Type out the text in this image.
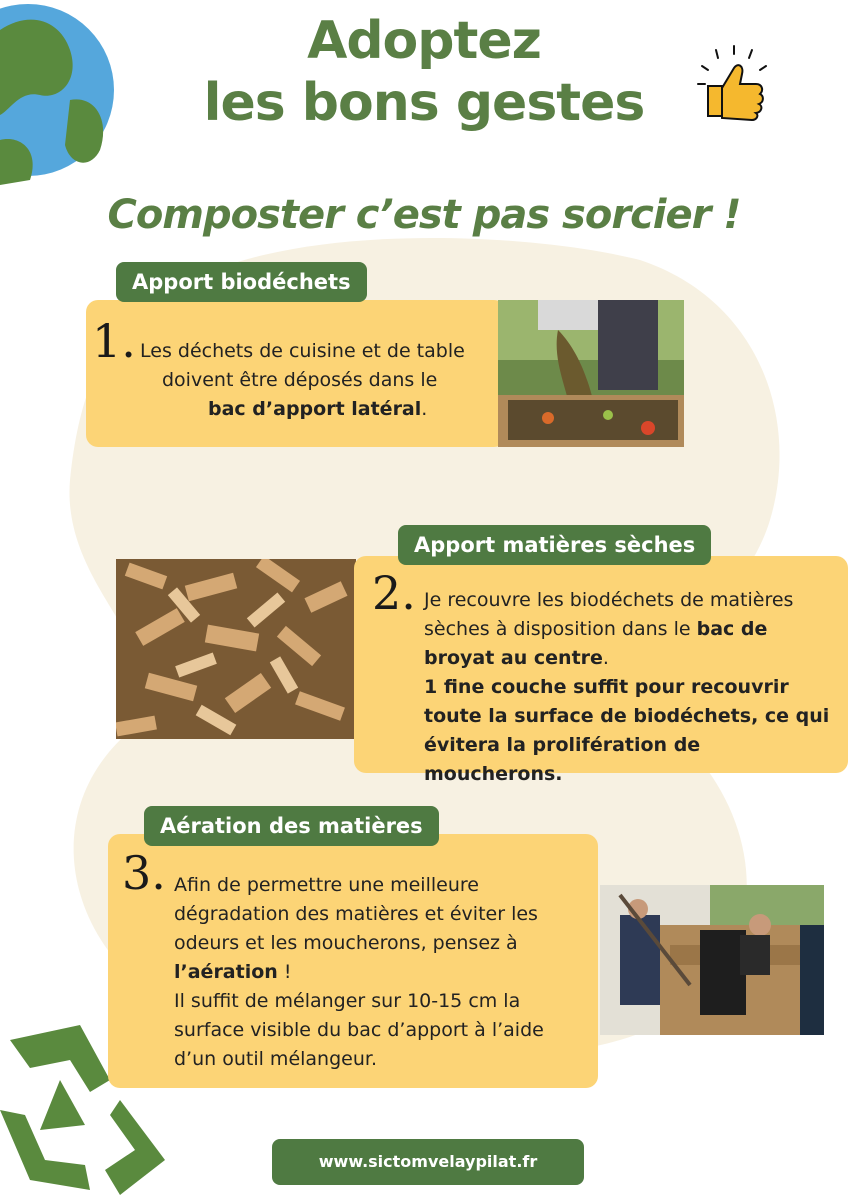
Adoptez
les bons gestes
Composter c’est pas sorcier !
Apport biodéchets
1. Les déchets de cuisine et de table
doivent être déposés dans le
bac d’apport latéral.
Apport matières sèches
2. Je recouvre les biodéchets de matières
sèches à disposition dans le bac de
broyat au centre.
1 fine couche suffit pour recouvrir
toute la surface de biodéchets, ce qui
évitera la prolifération de moucherons.
Aération des matières
3. Afin de permettre une meilleure
dégradation des matières et éviter les
odeurs et les moucherons, pensez à
l’aération !
Il suffit de mélanger sur 10-15 cm la
surface visible du bac d’apport à l’aide
d’un outil mélangeur.
www.sictomvelaypilat.fr
